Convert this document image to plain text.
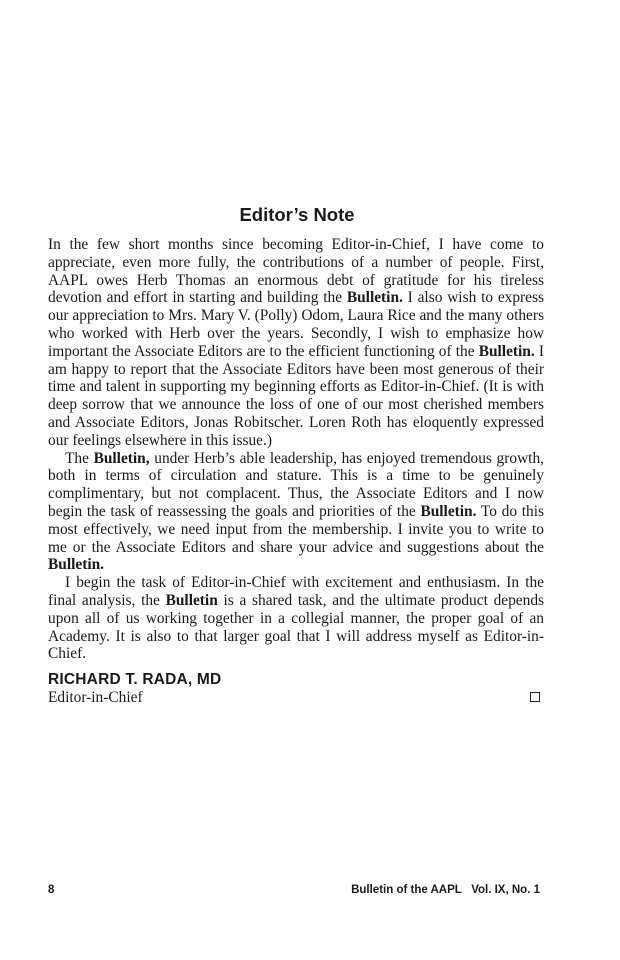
Editor’s Note

In the few short months since becoming Editor-in-Chief, I have come to appreciate, even more fully, the contributions of a number of people. First, AAPL owes Herb Thomas an enormous debt of gratitude for his tireless devotion and effort in starting and building the Bulletin. I also wish to express our appreciation to Mrs. Mary V. (Polly) Odom, Laura Rice and the many others who worked with Herb over the years. Secondly, I wish to emphasize how important the Associate Editors are to the efficient functioning of the Bulletin. I am happy to report that the Associate Editors have been most generous of their time and talent in supporting my beginning efforts as Editor-in-Chief. (It is with deep sorrow that we announce the loss of one of our most cherished members and Associate Editors, Jonas Robitscher. Loren Roth has eloquently expressed our feelings elsewhere in this issue.)

The Bulletin, under Herb’s able leadership, has enjoyed tremendous growth, both in terms of circulation and stature. This is a time to be genuinely complimentary, but not complacent. Thus, the Associate Editors and I now begin the task of reassessing the goals and priorities of the Bulletin. To do this most effectively, we need input from the membership. I invite you to write to me or the Associate Editors and share your advice and suggestions about the Bulletin.

I begin the task of Editor-in-Chief with excitement and enthusiasm. In the final analysis, the Bulletin is a shared task, and the ultimate product depends upon all of us working together in a collegial manner, the proper goal of an Academy. It is also to that larger goal that I will address myself as Editor-in-Chief.

RICHARD T. RADA, MD

Editor-in-Chief

8	Bulletin of the AAPL   Vol. IX, No. 1
